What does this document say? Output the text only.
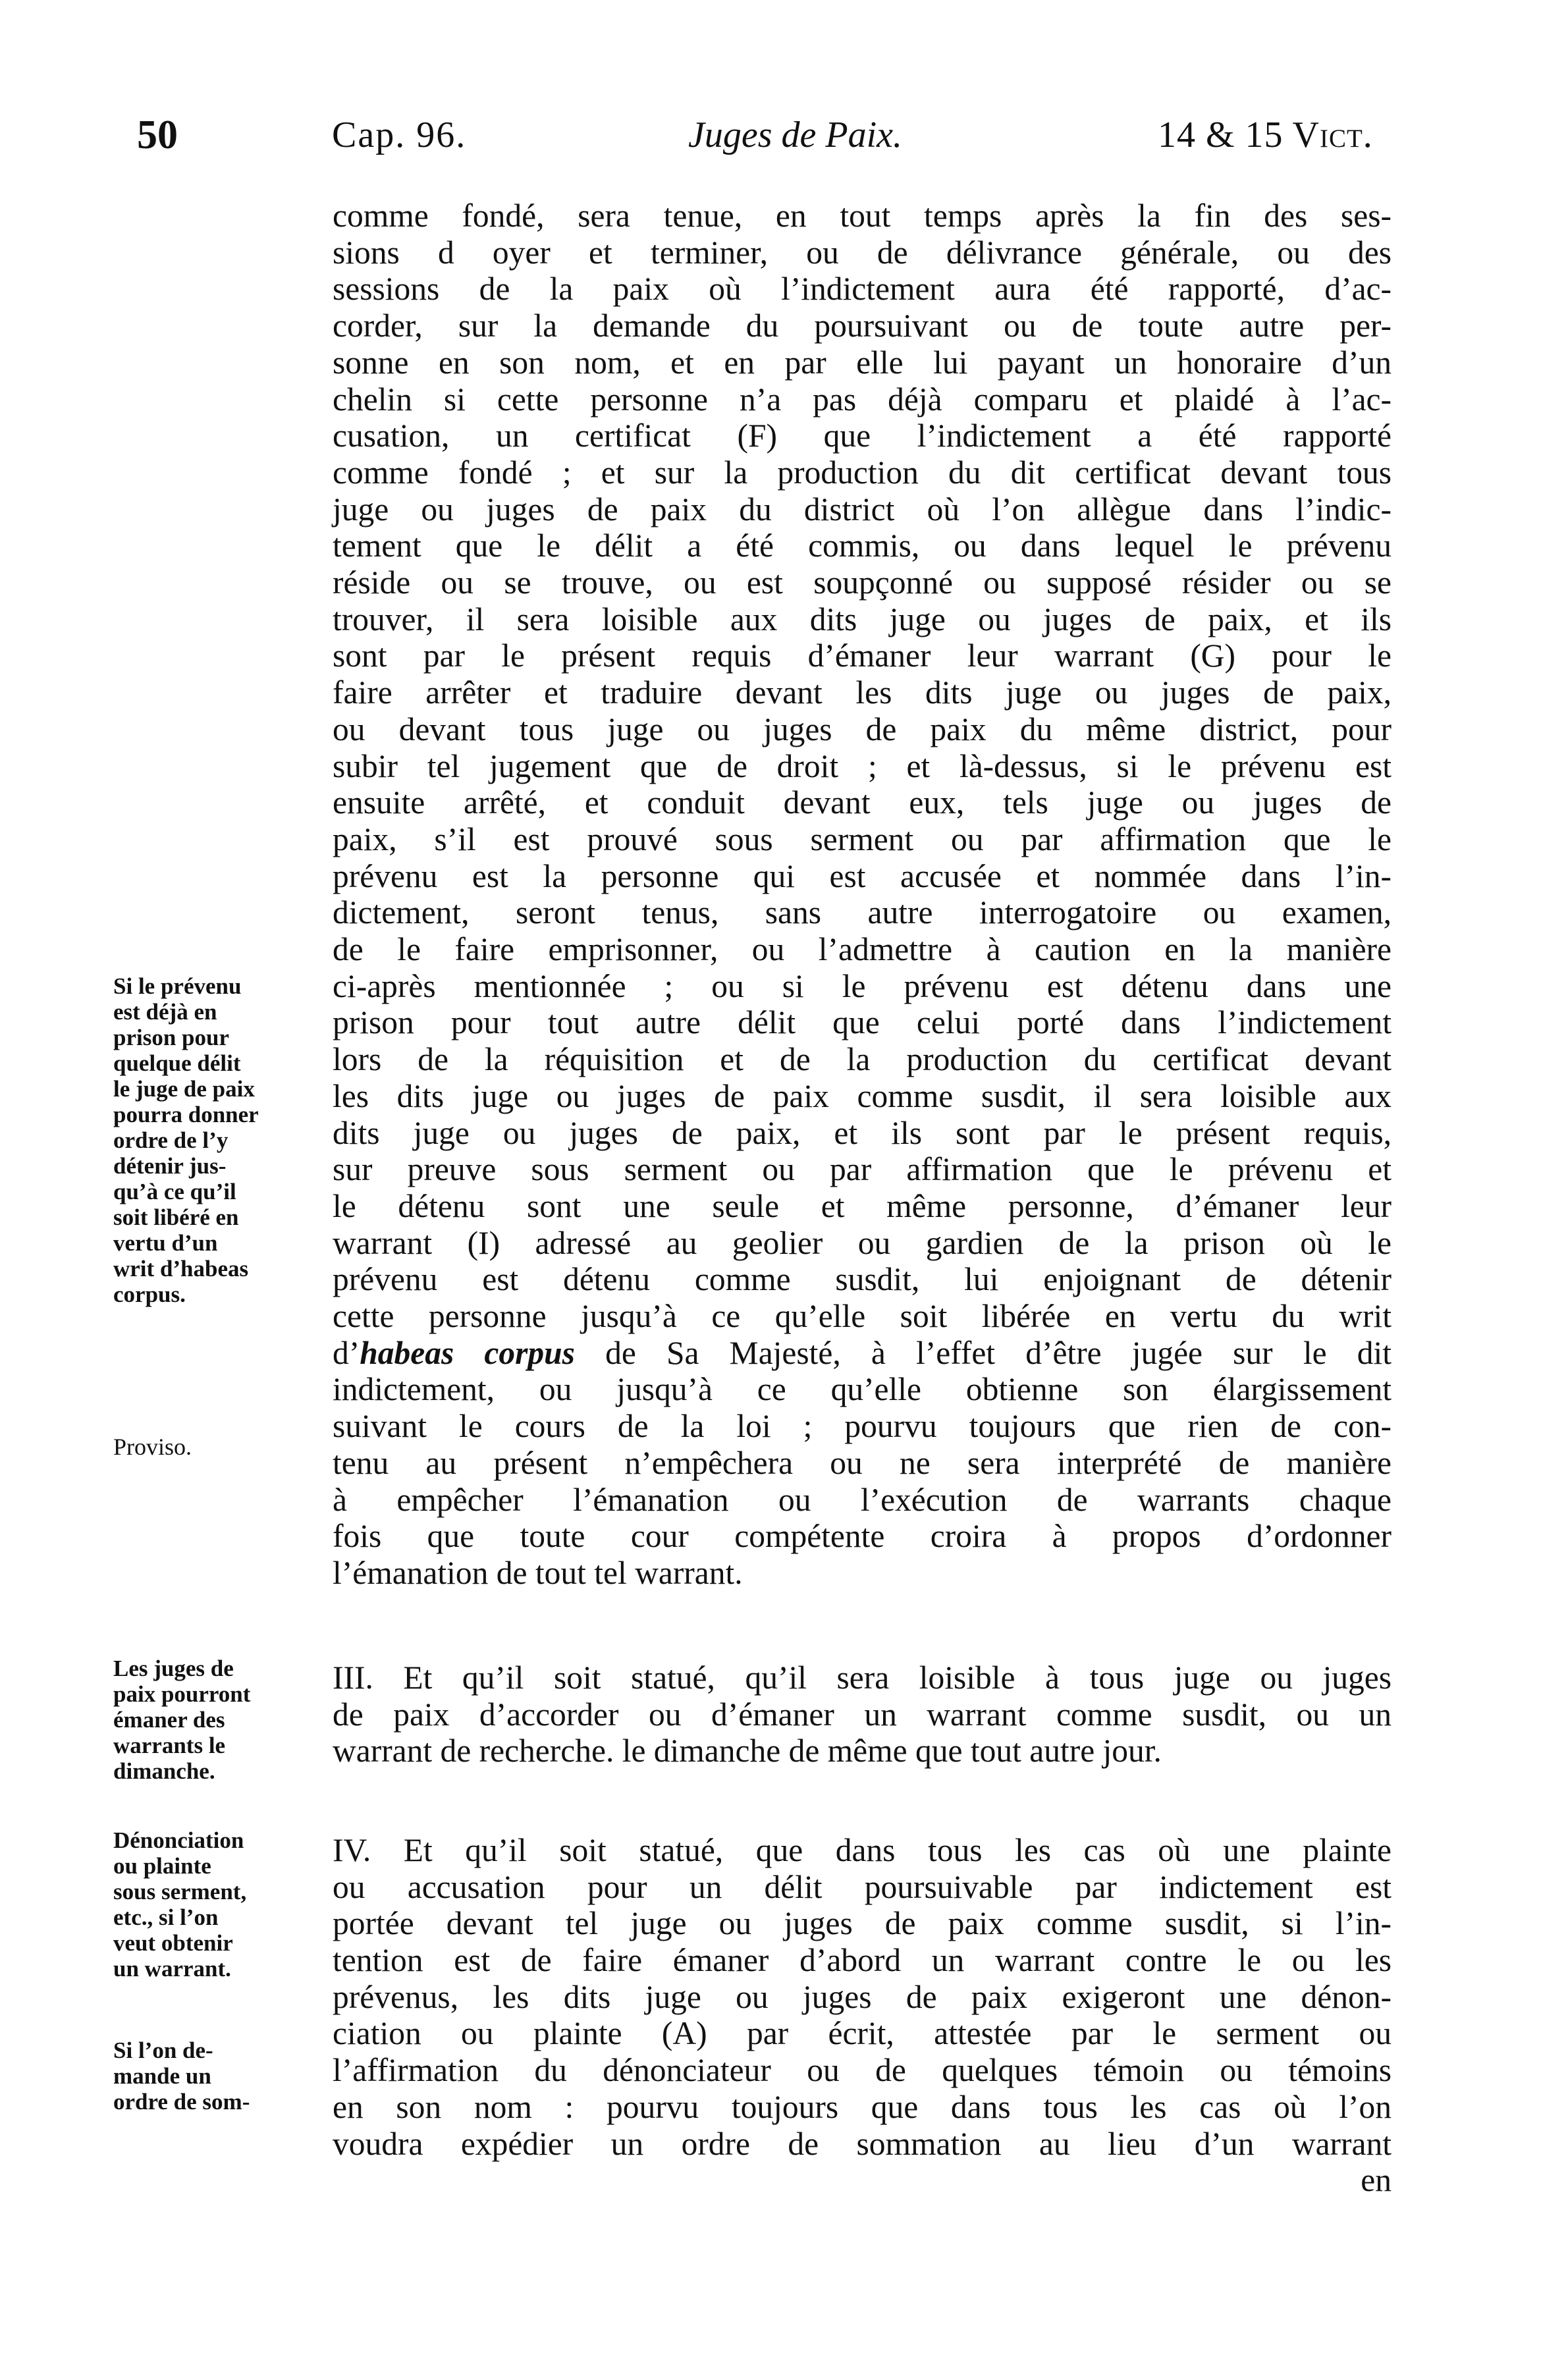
50	Cap. 96.	Juges de Paix.	14 & 15 Vict.
comme fondé, sera tenue, en tout temps après la fin des ses-
sions d oyer et terminer, ou de délivrance générale, ou des
sessions de la paix où l’indictement aura été rapporté, d’ac-
corder, sur la demande du poursuivant ou de toute autre per-
sonne en son nom, et en par elle lui payant un honoraire d’un
chelin si cette personne n’a pas déjà comparu et plaidé à l’ac-
cusation, un certificat (F) que l’indictement a été rapporté
comme fondé ; et sur la production du dit certificat devant tous
juge ou juges de paix du district où l’on allègue dans l’indic-
tement que le délit a été commis, ou dans lequel le prévenu
réside ou se trouve, ou est soupçonné ou supposé résider ou se
trouver, il sera loisible aux dits juge ou juges de paix, et ils
sont par le présent requis d’émaner leur warrant (G) pour le
faire arrêter et traduire devant les dits juge ou juges de paix,
ou devant tous juge ou juges de paix du même district, pour
subir tel jugement que de droit ; et là-dessus, si le prévenu est
ensuite arrêté, et conduit devant eux, tels juge ou juges de
paix, s’il est prouvé sous serment ou par affirmation que le
prévenu est la personne qui est accusée et nommée dans l’in-
dictement, seront tenus, sans autre interrogatoire ou examen,
de le faire emprisonner, ou l’admettre à caution en la manière
ci-après mentionnée ; ou si le prévenu est détenu dans une
prison pour tout autre délit que celui porté dans l’indictement
lors de la réquisition et de la production du certificat devant
les dits juge ou juges de paix comme susdit, il sera loisible aux
dits juge ou juges de paix, et ils sont par le présent requis,
sur preuve sous serment ou par affirmation que le prévenu et
le détenu sont une seule et même personne, d’émaner leur
warrant (I) adressé au geolier ou gardien de la prison où le
prévenu est détenu comme susdit, lui enjoignant de détenir
cette personne jusqu’à ce qu’elle soit libérée en vertu du writ
d’habeas corpus de Sa Majesté, à l’effet d’être jugée sur le dit
indictement, ou jusqu’à ce qu’elle obtienne son élargissement
suivant le cours de la loi ; pourvu toujours que rien de con-
tenu au présent n’empêchera ou ne sera interprété de manière
à empêcher l’émanation ou l’exécution de warrants chaque
fois que toute cour compétente croira à propos d’ordonner
l’émanation de tout tel warrant.
III. Et qu’il soit statué, qu’il sera loisible à tous juge ou juges
de paix d’accorder ou d’émaner un warrant comme susdit, ou un
warrant de recherche. le dimanche de même que tout autre jour.
IV. Et qu’il soit statué, que dans tous les cas où une plainte
ou accusation pour un délit poursuivable par indictement est
portée devant tel juge ou juges de paix comme susdit, si l’in-
tention est de faire émaner d’abord un warrant contre le ou les
prévenus, les dits juge ou juges de paix exigeront une dénon-
ciation ou plainte (A) par écrit, attestée par le serment ou
l’affirmation du dénonciateur ou de quelques témoin ou témoins
en son nom : pourvu toujours que dans tous les cas où l’on
voudra expédier un ordre de sommation au lieu d’un warrant
en
Si le prévenu
est déjà en
prison pour
quelque délit
le juge de paix
pourra donner
ordre de l’y
détenir jus-
qu’à ce qu’il
soit libéré en
vertu d’un
writ d’habeas
corpus.
Proviso.
Les juges de
paix pourront
émaner des
warrants le
dimanche.
Dénonciation
ou plainte
sous serment,
etc., si l’on
veut obtenir
un warrant.
Si l’on de-
mande un
ordre de som-
